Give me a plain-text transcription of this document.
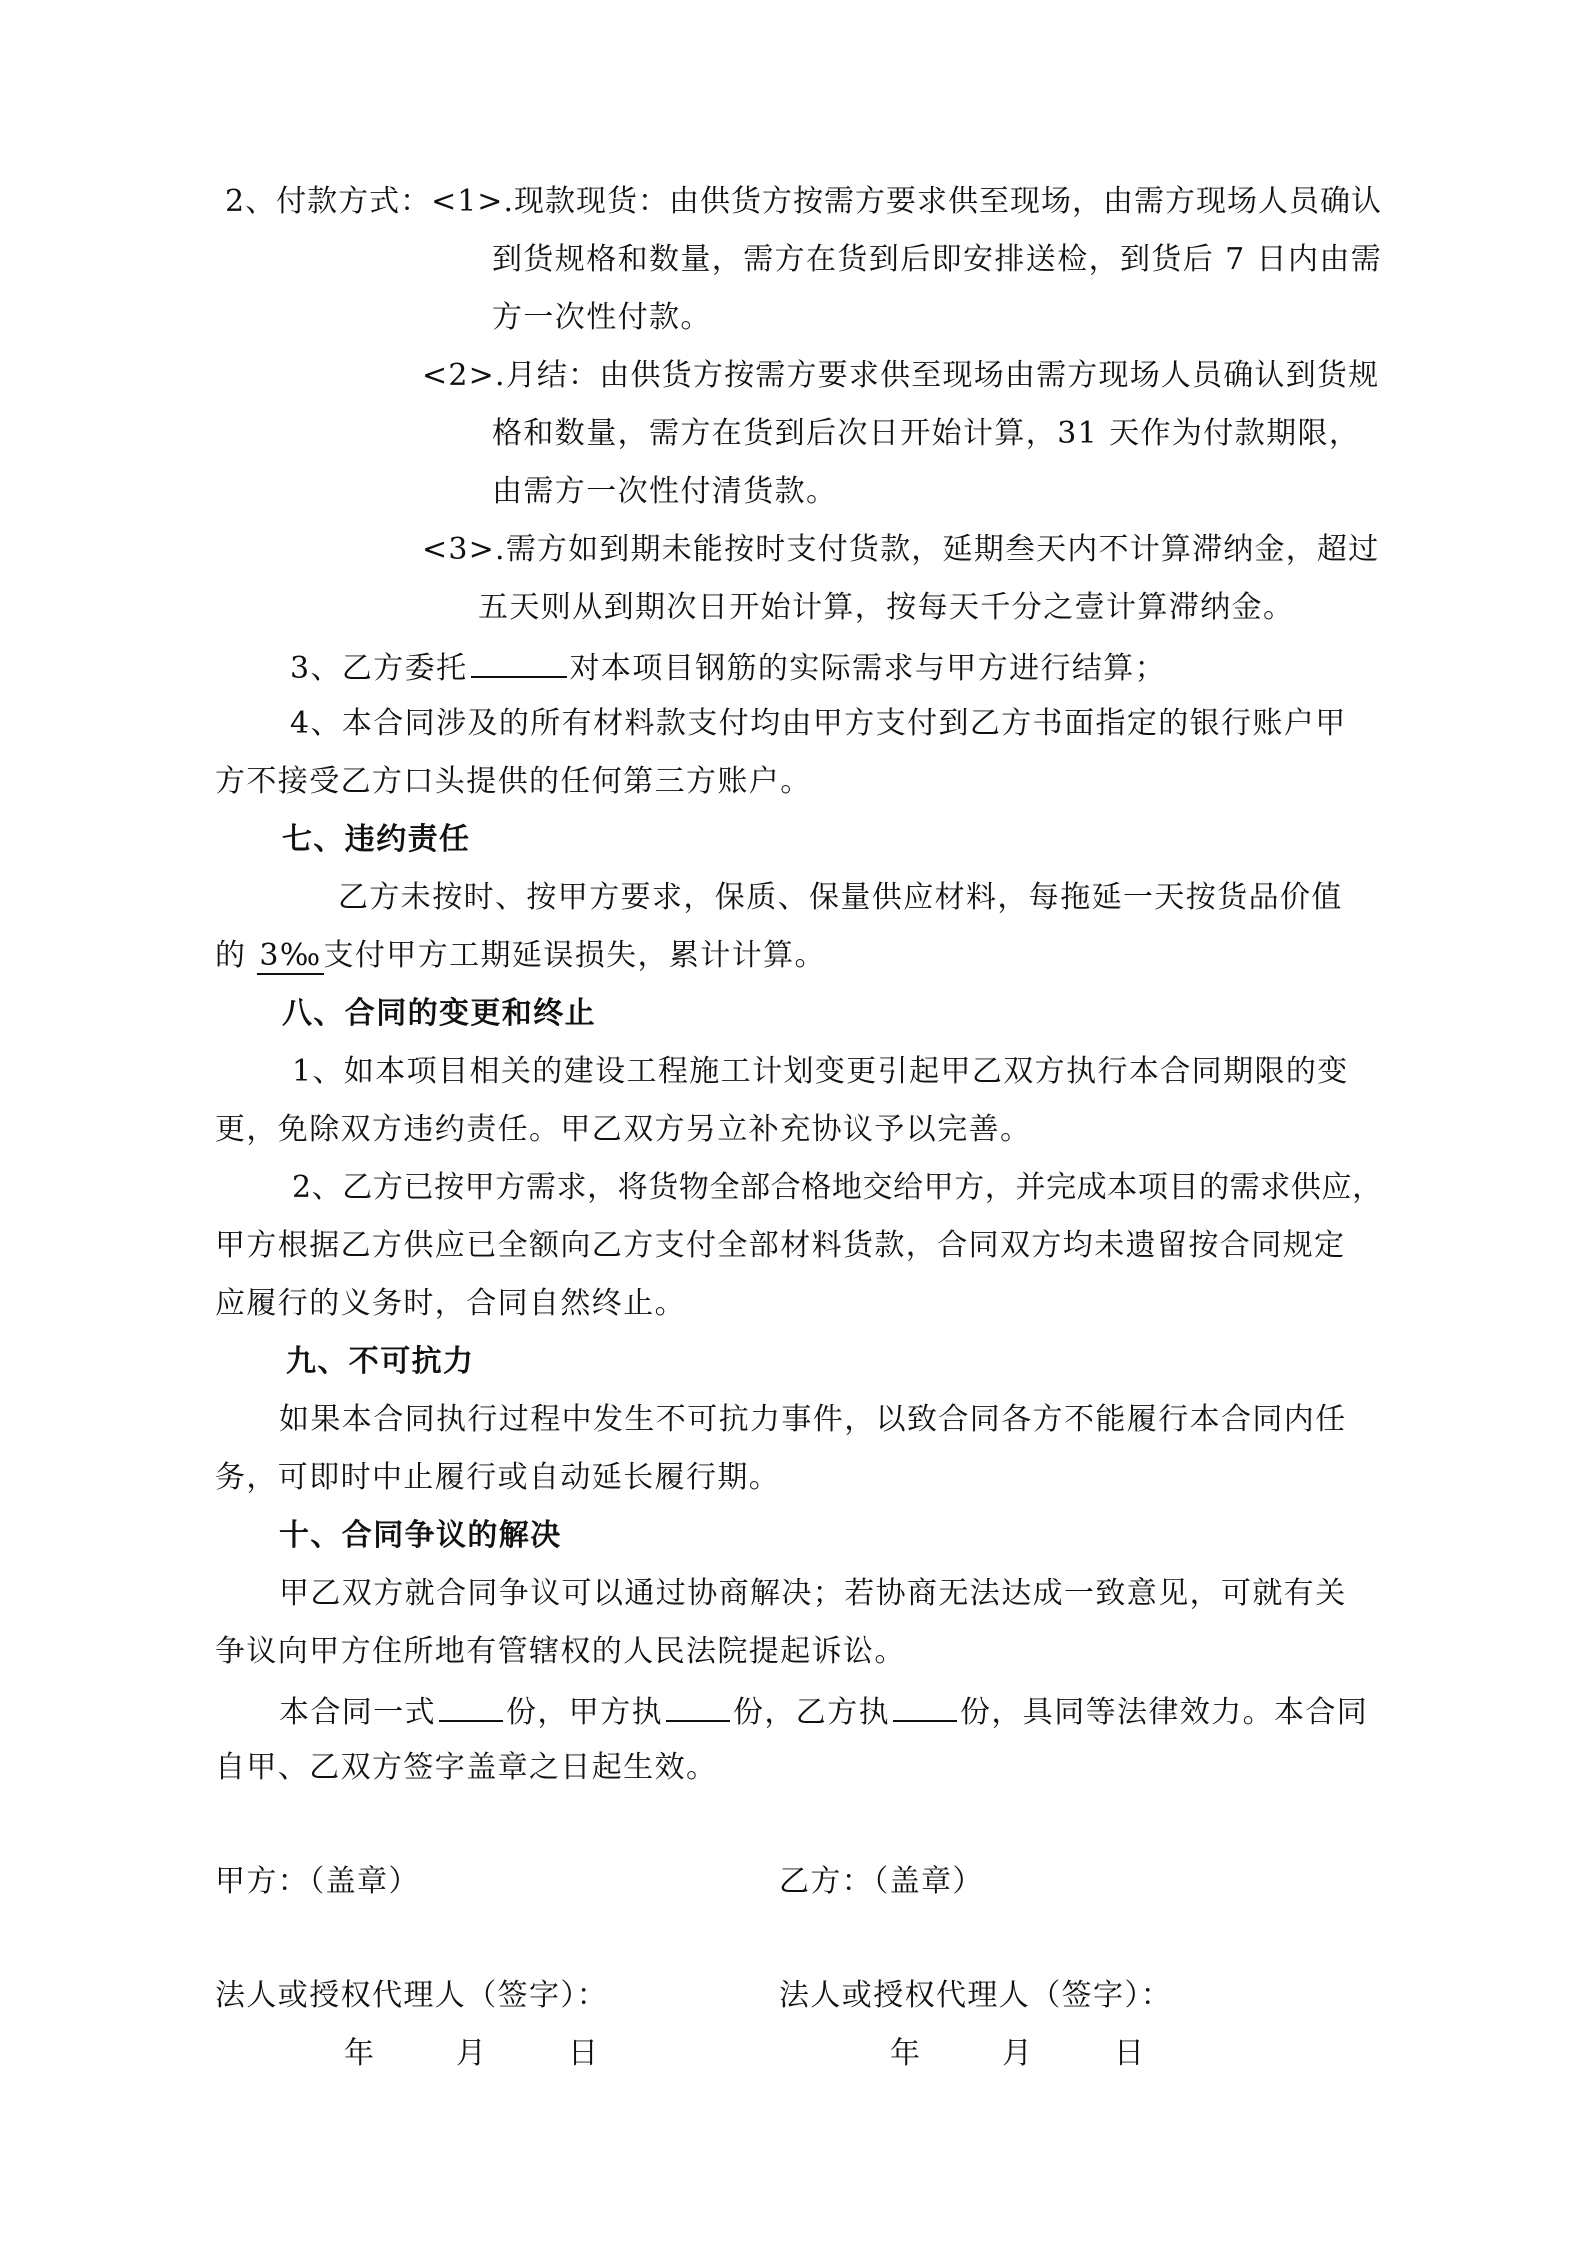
2、付款方式：<1>.现款现货：由供货方按需方要求供至现场，由需方现场人员确认
到货规格和数量，需方在货到后即安排送检，到货后 7 日内由需
方一次性付款。
<2>.月结：由供货方按需方要求供至现场由需方现场人员确认到货规
格和数量，需方在货到后次日开始计算，31 天作为付款期限，
由需方一次性付清货款。
<3>.需方如到期未能按时支付货款，延期叁天内不计算滞纳金，超过
五天则从到期次日开始计算，按每天千分之壹计算滞纳金。
3、乙方委托	对本项目钢筋的实际需求与甲方进行结算；
4、本合同涉及的所有材料款支付均由甲方支付到乙方书面指定的银行账户甲
方不接受乙方口头提供的任何第三方账户。
七、违约责任
乙方未按时、按甲方要求，保质、保量供应材料，每拖延一天按货品价值
的 3‰支付甲方工期延误损失，累计计算。
八、合同的变更和终止
1、如本项目相关的建设工程施工计划变更引起甲乙双方执行本合同期限的变
更，免除双方违约责任。甲乙双方另立补充协议予以完善。
2、乙方已按甲方需求，将货物全部合格地交给甲方，并完成本项目的需求供应，
甲方根据乙方供应已全额向乙方支付全部材料货款，合同双方均未遗留按合同规定
应履行的义务时，合同自然终止。
九、不可抗力
如果本合同执行过程中发生不可抗力事件，以致合同各方不能履行本合同内任
务，可即时中止履行或自动延长履行期。
十、合同争议的解决
甲乙双方就合同争议可以通过协商解决；若协商无法达成一致意见，可就有关
争议向甲方住所地有管辖权的人民法院提起诉讼。
本合同一式 份，甲方执 份，乙方执 份，具同等法律效力。本合同
自甲、乙双方签字盖章之日起生效。
甲方：（盖章）	乙方：（盖章）
法人或授权代理人（签字）：	法人或授权代理人（签字）：
年	月	日	年	月	日
